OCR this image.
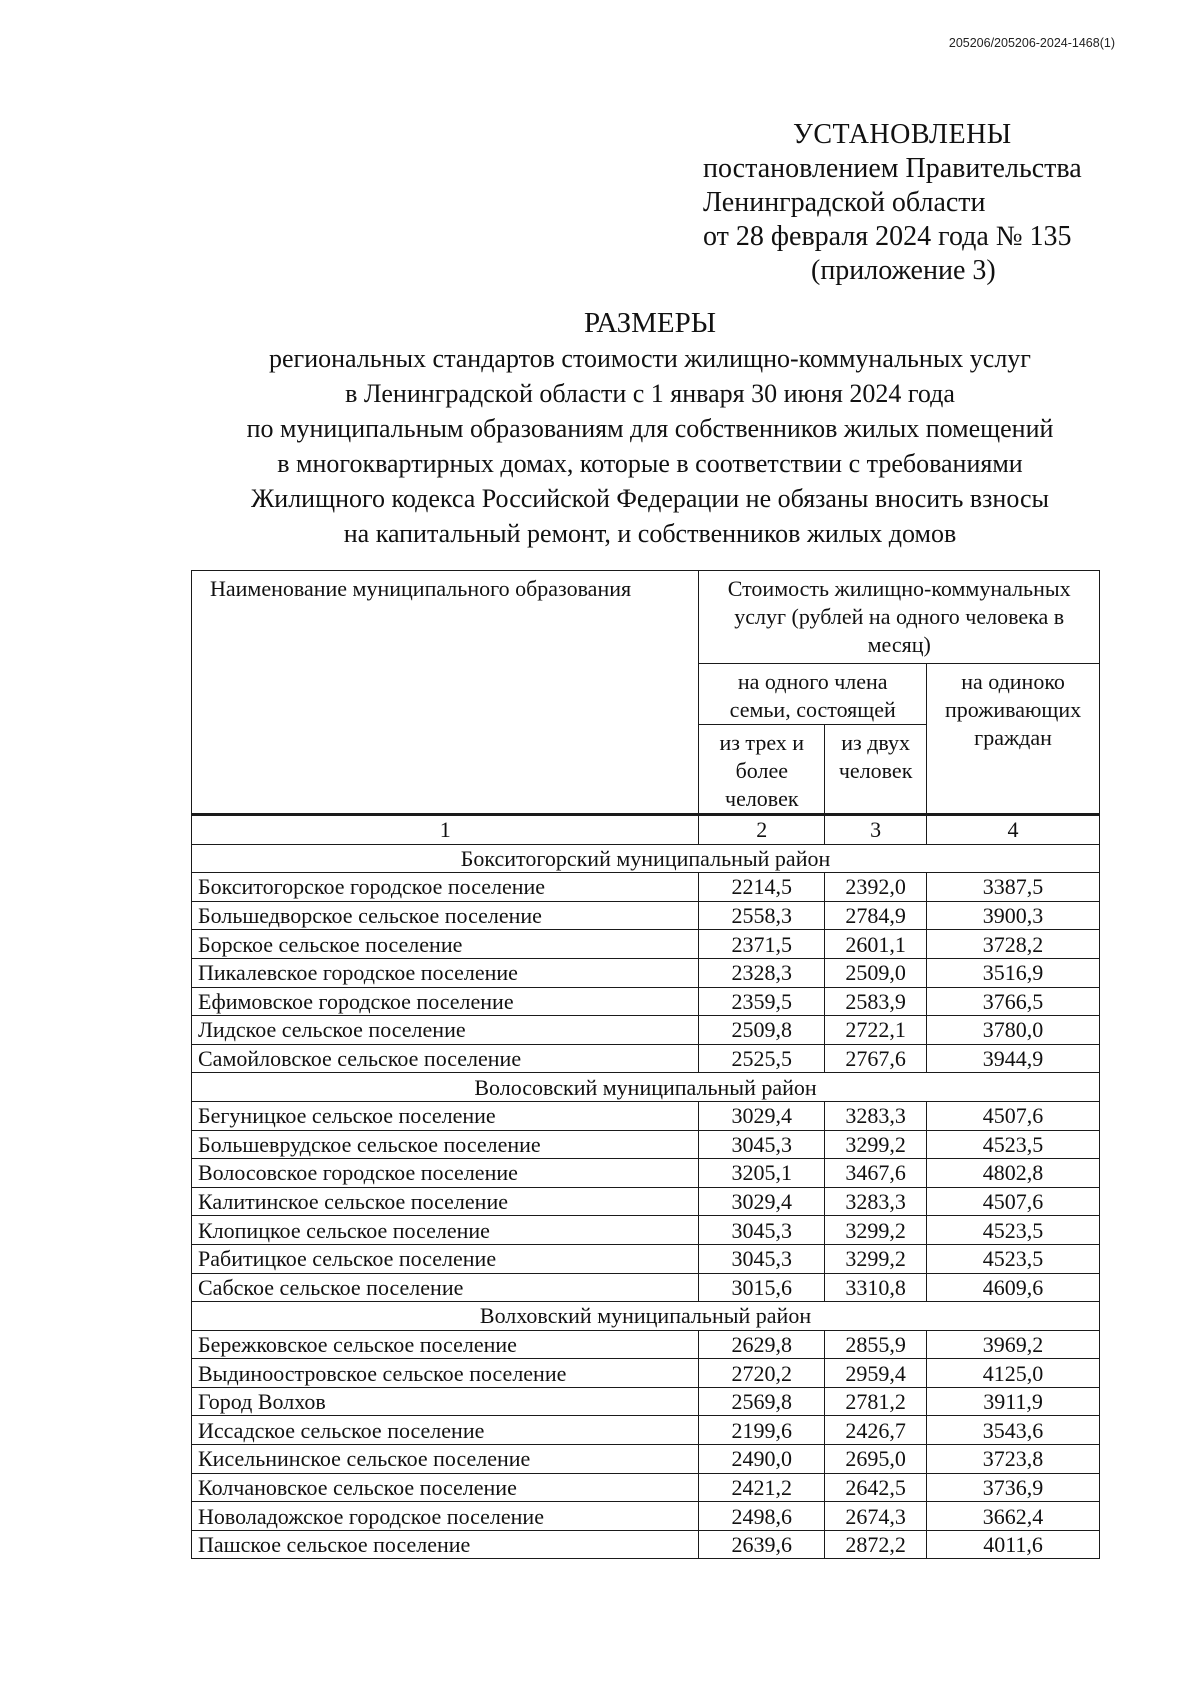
205206/205206-2024-1468(1)
УСТАНОВЛЕНЫ
постановлением Правительства
Ленинградской области
от 28 февраля 2024 года № 135
(приложение 3)
РАЗМЕРЫ
региональных стандартов стоимости жилищно-коммунальных услуг
в Ленинградской области с 1 января 30 июня 2024 года
по муниципальным образованиям для собственников жилых помещений
в многоквартирных домах, которые в соответствии с требованиями
Жилищного кодекса Российской Федерации не обязаны вносить взносы
на капитальный ремонт, и собственников жилых домов
Наименование муниципального образования	Стоимость жилищно-коммунальных услуг (рублей на одного человека в месяц)		
	на одного члена семьи, состоящей		на одиноко проживающих граждан
	из трех и более человек	из двух человек	
1	2	3	4
Бокситогорский муниципальный район			
Бокситогорское городское поселение	2214,5	2392,0	3387,5
Большедворское сельское поселение	2558,3	2784,9	3900,3
Борское сельское поселение	2371,5	2601,1	3728,2
Пикалевское городское поселение	2328,3	2509,0	3516,9
Ефимовское городское поселение	2359,5	2583,9	3766,5
Лидское сельское поселение	2509,8	2722,1	3780,0
Самойловское сельское поселение	2525,5	2767,6	3944,9
Волосовский муниципальный район			
Бегуницкое сельское поселение	3029,4	3283,3	4507,6
Большеврудское сельское поселение	3045,3	3299,2	4523,5
Волосовское городское поселение	3205,1	3467,6	4802,8
Калитинское сельское поселение	3029,4	3283,3	4507,6
Клопицкое сельское поселение	3045,3	3299,2	4523,5
Рабитицкое сельское поселение	3045,3	3299,2	4523,5
Сабское сельское поселение	3015,6	3310,8	4609,6
Волховский муниципальный район			
Бережковское сельское поселение	2629,8	2855,9	3969,2
Выдиноостровское сельское поселение	2720,2	2959,4	4125,0
Город Волхов	2569,8	2781,2	3911,9
Иссадское сельское поселение	2199,6	2426,7	3543,6
Кисельнинское сельское поселение	2490,0	2695,0	3723,8
Колчановское сельское поселение	2421,2	2642,5	3736,9
Новоладожское городское поселение	2498,6	2674,3	3662,4
Пашское сельское поселение	2639,6	2872,2	4011,6
